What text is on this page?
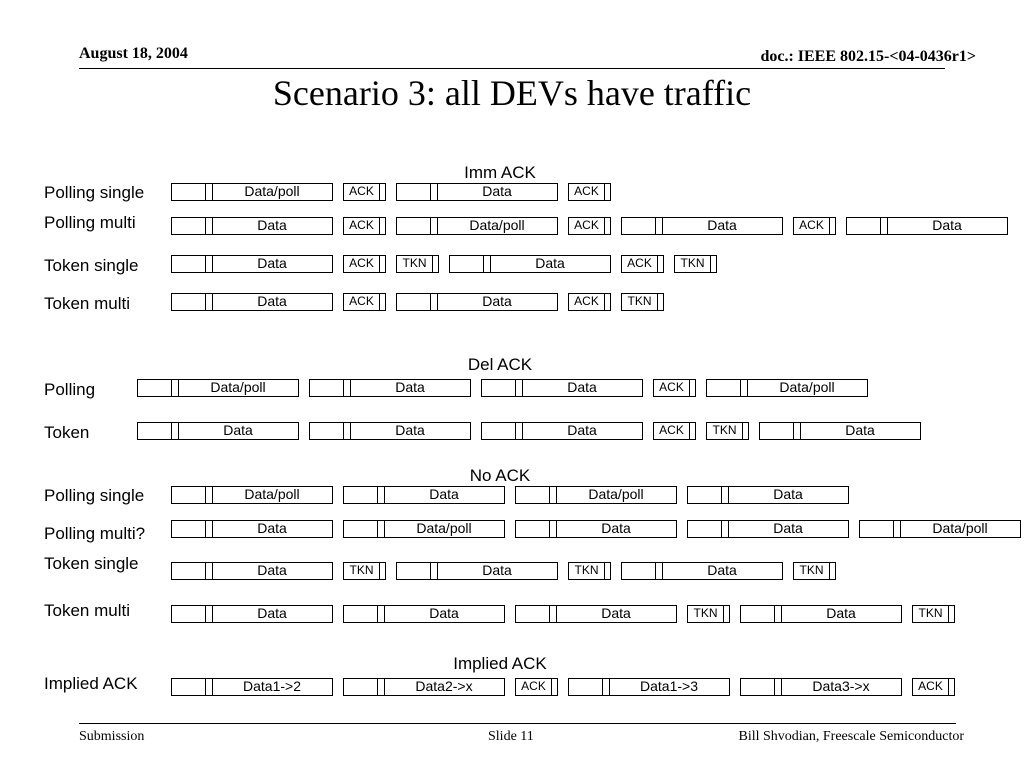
August 18, 2004	doc.: IEEE 802.15-<04-0436r1>
Scenario 3: all DEVs have traffic
Imm ACK
Polling single	Data/poll	ACK	Data	ACK
Polling multi	Data	ACK	Data/poll	ACK	Data	ACK	Data
Token single	Data	ACK	TKN	Data	ACK	TKN
Token multi	Data	ACK	Data	ACK	TKN
Del ACK
Polling	Data/poll	Data	Data	ACK	Data/poll
Token	Data	Data	Data	ACK	TKN	Data
No ACK
Polling single	Data/poll	Data	Data/poll	Data
Polling multi?	Data	Data/poll	Data	Data	Data/poll
Token single	Data	TKN	Data	TKN	Data	TKN
Token multi	Data	Data	Data	TKN	Data	TKN
Implied ACK
Implied ACK	Data1->2	Data2->x	ACK	Data1->3	Data3->x	ACK
Submission	Slide 11	Bill Shvodian, Freescale Semiconductor
